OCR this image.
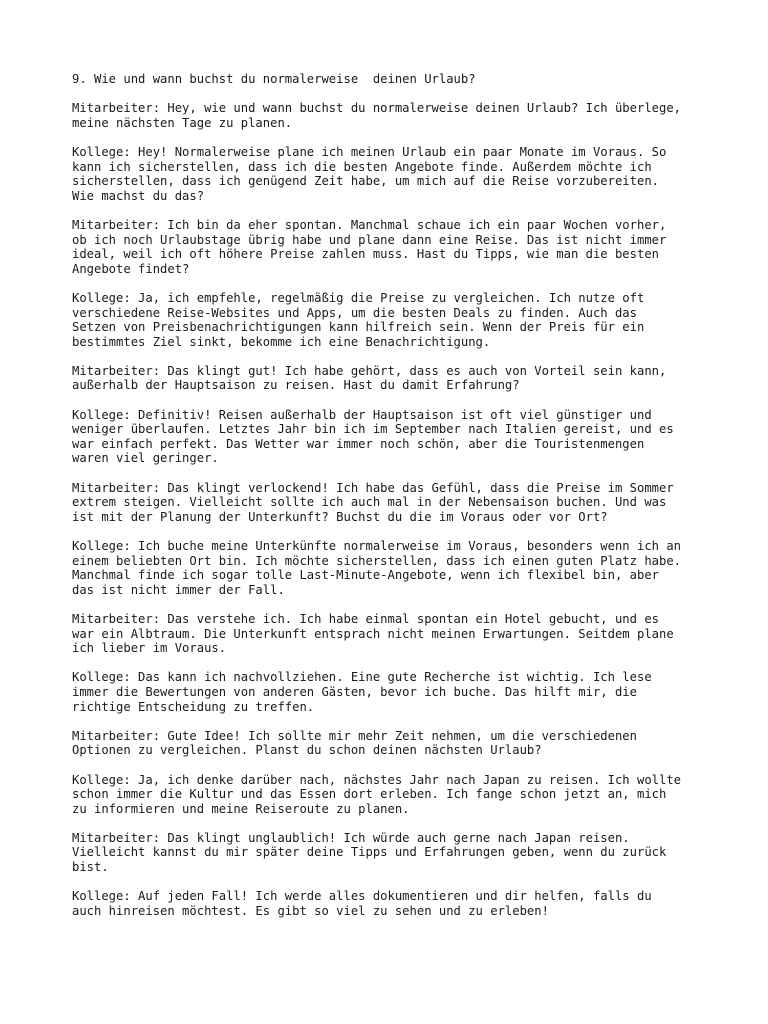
9. Wie und wann buchst du normalerweise  deinen Urlaub?

Mitarbeiter: Hey, wie und wann buchst du normalerweise deinen Urlaub? Ich überlege,
meine nächsten Tage zu planen.

Kollege: Hey! Normalerweise plane ich meinen Urlaub ein paar Monate im Voraus. So
kann ich sicherstellen, dass ich die besten Angebote finde. Außerdem möchte ich
sicherstellen, dass ich genügend Zeit habe, um mich auf die Reise vorzubereiten.
Wie machst du das?

Mitarbeiter: Ich bin da eher spontan. Manchmal schaue ich ein paar Wochen vorher,
ob ich noch Urlaubstage übrig habe und plane dann eine Reise. Das ist nicht immer
ideal, weil ich oft höhere Preise zahlen muss. Hast du Tipps, wie man die besten
Angebote findet?

Kollege: Ja, ich empfehle, regelmäßig die Preise zu vergleichen. Ich nutze oft
verschiedene Reise-Websites und Apps, um die besten Deals zu finden. Auch das
Setzen von Preisbenachrichtigungen kann hilfreich sein. Wenn der Preis für ein
bestimmtes Ziel sinkt, bekomme ich eine Benachrichtigung.

Mitarbeiter: Das klingt gut! Ich habe gehört, dass es auch von Vorteil sein kann,
außerhalb der Hauptsaison zu reisen. Hast du damit Erfahrung?

Kollege: Definitiv! Reisen außerhalb der Hauptsaison ist oft viel günstiger und
weniger überlaufen. Letztes Jahr bin ich im September nach Italien gereist, und es
war einfach perfekt. Das Wetter war immer noch schön, aber die Touristenmengen
waren viel geringer.

Mitarbeiter: Das klingt verlockend! Ich habe das Gefühl, dass die Preise im Sommer
extrem steigen. Vielleicht sollte ich auch mal in der Nebensaison buchen. Und was
ist mit der Planung der Unterkunft? Buchst du die im Voraus oder vor Ort?

Kollege: Ich buche meine Unterkünfte normalerweise im Voraus, besonders wenn ich an
einem beliebten Ort bin. Ich möchte sicherstellen, dass ich einen guten Platz habe.
Manchmal finde ich sogar tolle Last-Minute-Angebote, wenn ich flexibel bin, aber
das ist nicht immer der Fall.

Mitarbeiter: Das verstehe ich. Ich habe einmal spontan ein Hotel gebucht, und es
war ein Albtraum. Die Unterkunft entsprach nicht meinen Erwartungen. Seitdem plane
ich lieber im Voraus.

Kollege: Das kann ich nachvollziehen. Eine gute Recherche ist wichtig. Ich lese
immer die Bewertungen von anderen Gästen, bevor ich buche. Das hilft mir, die
richtige Entscheidung zu treffen.

Mitarbeiter: Gute Idee! Ich sollte mir mehr Zeit nehmen, um die verschiedenen
Optionen zu vergleichen. Planst du schon deinen nächsten Urlaub?

Kollege: Ja, ich denke darüber nach, nächstes Jahr nach Japan zu reisen. Ich wollte
schon immer die Kultur und das Essen dort erleben. Ich fange schon jetzt an, mich
zu informieren und meine Reiseroute zu planen.

Mitarbeiter: Das klingt unglaublich! Ich würde auch gerne nach Japan reisen.
Vielleicht kannst du mir später deine Tipps und Erfahrungen geben, wenn du zurück
bist.

Kollege: Auf jeden Fall! Ich werde alles dokumentieren und dir helfen, falls du
auch hinreisen möchtest. Es gibt so viel zu sehen und zu erleben!
